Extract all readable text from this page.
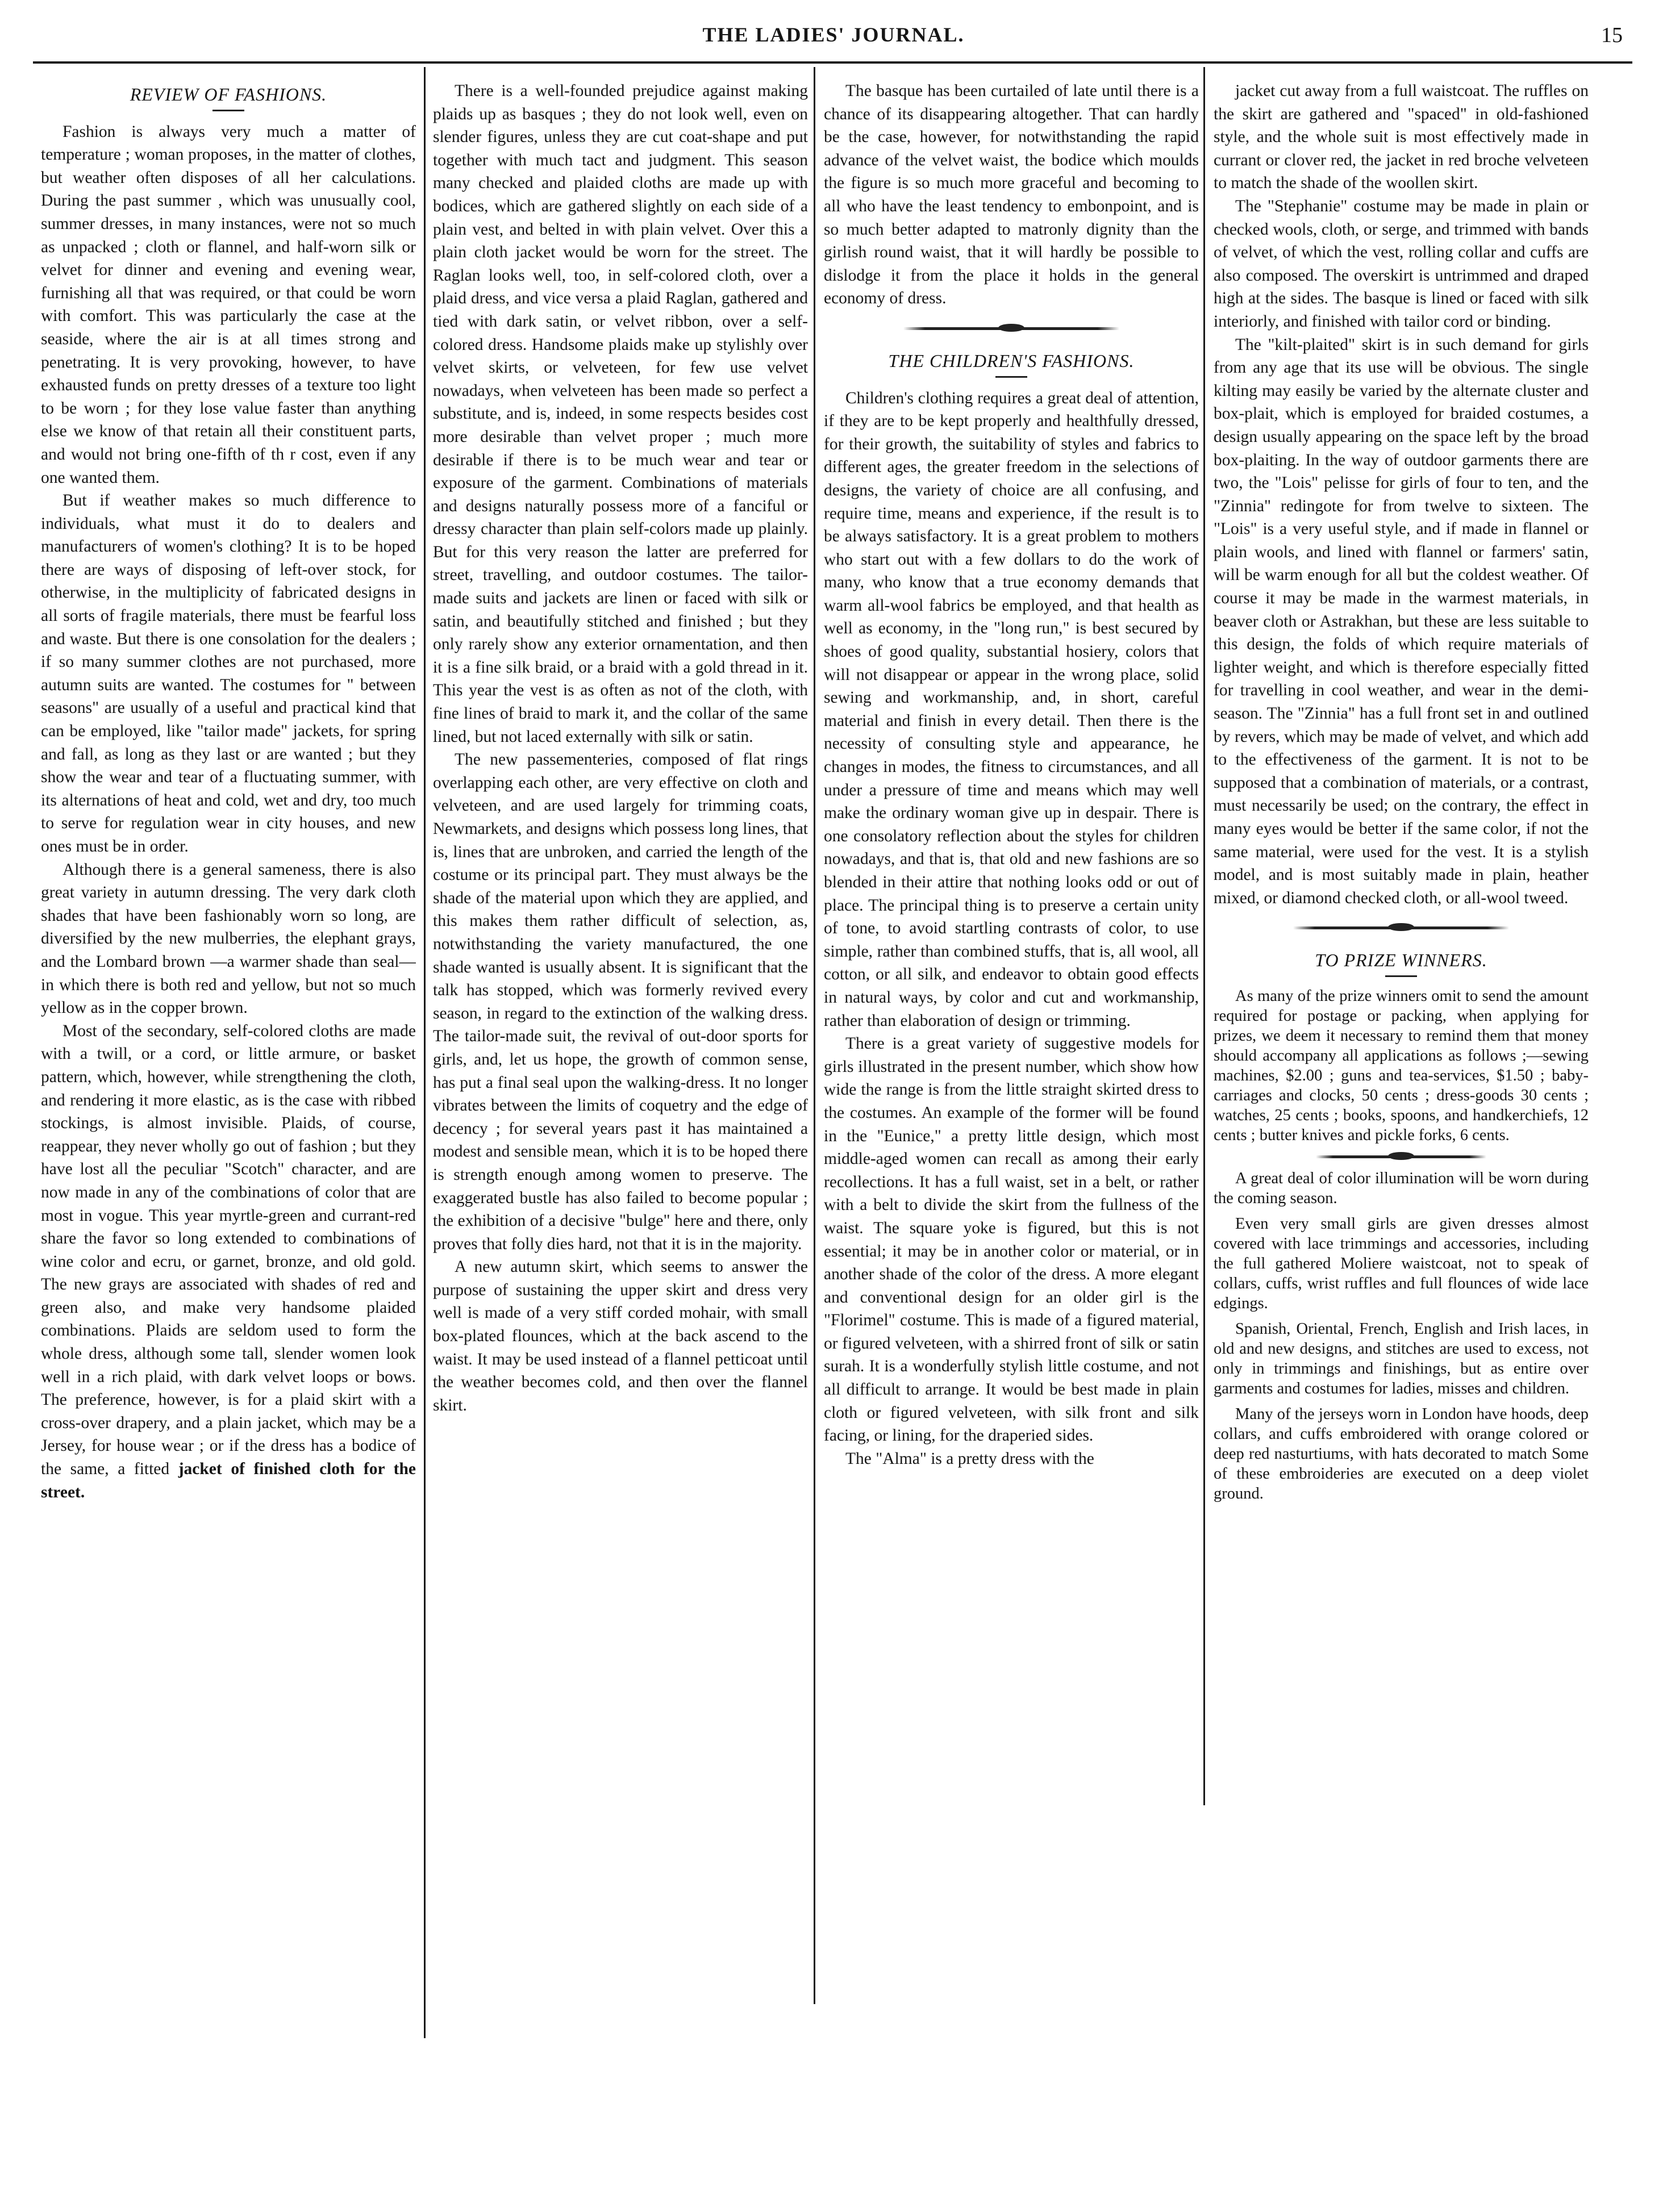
THE LADIES' JOURNAL.	15

REVIEW OF FASHIONS.

Fashion is always very much a matter of temperature ; woman proposes, in the matter of clothes, but weather often disposes of all her calculations. During the past summer , which was unusually cool, summer dresses, in many instances, were not so much as unpacked ; cloth or flannel, and half-worn silk or velvet for dinner and evening and evening wear, furnishing all that was required, or that could be worn with comfort. This was particularly the case at the seaside, where the air is at all times strong and penetrating. It is very provoking, however, to have exhausted funds on pretty dresses of a texture too light to be worn ; for they lose value faster than anything else we know of that retain all their constituent parts, and would not bring one-fifth of th r cost, even if any one wanted them.

But if weather makes so much difference to individuals, what must it do to dealers and manufacturers of women's clothing? It is to be hoped there are ways of disposing of left-over stock, for otherwise, in the multiplicity of fabricated designs in all sorts of fragile materials, there must be fearful loss and waste. But there is one consolation for the dealers ; if so many summer clothes are not purchased, more autumn suits are wanted. The costumes for " between seasons" are usually of a useful and practical kind that can be employed, like "tailor made" jackets, for spring and fall, as long as they last or are wanted ; but they show the wear and tear of a fluctuating summer, with its alternations of heat and cold, wet and dry, too much to serve for regulation wear in city houses, and new ones must be in order.

Although there is a general sameness, there is also great variety in autumn dressing. The very dark cloth shades that have been fashionably worn so long, are diversified by the new mulberries, the elephant grays, and the Lombard brown —a warmer shade than seal—in which there is both red and yellow, but not so much yellow as in the copper brown.

Most of the secondary, self-colored cloths are made with a twill, or a cord, or little armure, or basket pattern, which, however, while strengthening the cloth, and rendering it more elastic, as is the case with ribbed stockings, is almost invisible. Plaids, of course, reappear, they never wholly go out of fashion ; but they have lost all the peculiar "Scotch" character, and are now made in any of the combinations of color that are most in vogue. This year myrtle-green and currant-red share the favor so long extended to combinations of wine color and ecru, or garnet, bronze, and old gold. The new grays are associated with shades of red and green also, and make very handsome plaided combinations. Plaids are seldom used to form the whole dress, although some tall, slender women look well in a rich plaid, with dark velvet loops or bows. The preference, however, is for a plaid skirt with a cross-over drapery, and a plain jacket, which may be a Jersey, for house wear ; or if the dress has a bodice of the same, a fitted jacket of finished cloth for the street.

There is a well-founded prejudice against making plaids up as basques ; they do not look well, even on slender figures, unless they are cut coat-shape and put together with much tact and judgment. This season many checked and plaided cloths are made up with bodices, which are gathered slightly on each side of a plain vest, and belted in with plain velvet. Over this a plain cloth jacket would be worn for the street. The Raglan looks well, too, in self-colored cloth, over a plaid dress, and vice versa a plaid Raglan, gathered and tied with dark satin, or velvet ribbon, over a self-colored dress. Handsome plaids make up stylishly over velvet skirts, or velveteen, for few use velvet nowadays, when velveteen has been made so perfect a substitute, and is, indeed, in some respects besides cost more desirable than velvet proper ; much more desirable if there is to be much wear and tear or exposure of the garment. Combinations of materials and designs naturally possess more of a fanciful or dressy character than plain self-colors made up plainly. But for this very reason the latter are preferred for street, travelling, and outdoor costumes. The tailor-made suits and jackets are linen or faced with silk or satin, and beautifully stitched and finished ; but they only rarely show any exterior ornamentation, and then it is a fine silk braid, or a braid with a gold thread in it. This year the vest is as often as not of the cloth, with fine lines of braid to mark it, and the collar of the same lined, but not laced externally with silk or satin.

The new passementeries, composed of flat rings overlapping each other, are very effective on cloth and velveteen, and are used largely for trimming coats, Newmarkets, and designs which possess long lines, that is, lines that are unbroken, and carried the length of the costume or its principal part. They must always be the shade of the material upon which they are applied, and this makes them rather difficult of selection, as, notwithstanding the variety manufactured, the one shade wanted is usually absent. It is significant that the talk has stopped, which was formerly revived every season, in regard to the extinction of the walking dress. The tailor-made suit, the revival of out-door sports for girls, and, let us hope, the growth of common sense, has put a final seal upon the walking-dress. It no longer vibrates between the limits of coquetry and the edge of decency ; for several years past it has maintained a modest and sensible mean, which it is to be hoped there is strength enough among women to preserve. The exaggerated bustle has also failed to become popular ; the exhibition of a decisive "bulge" here and there, only proves that folly dies hard, not that it is in the majority.

A new autumn skirt, which seems to answer the purpose of sustaining the upper skirt and dress very well is made of a very stiff corded mohair, with small box-plated flounces, which at the back ascend to the waist. It may be used instead of a flannel petticoat until the weather becomes cold, and then over the flannel skirt.

The basque has been curtailed of late until there is a chance of its disappearing altogether. That can hardly be the case, however, for notwithstanding the rapid advance of the velvet waist, the bodice which moulds the figure is so much more graceful and becoming to all who have the least tendency to embonpoint, and is so much better adapted to matronly dignity than the girlish round waist, that it will hardly be possible to dislodge it from the place it holds in the general economy of dress.

THE CHILDREN'S FASHIONS.

Children's clothing requires a great deal of attention, if they are to be kept properly and healthfully dressed, for their growth, the suitability of styles and fabrics to different ages, the greater freedom in the selections of designs, the variety of choice are all confusing, and require time, means and experience, if the result is to be always satisfactory. It is a great problem to mothers who start out with a few dollars to do the work of many, who know that a true economy demands that warm all-wool fabrics be employed, and that health as well as economy, in the "long run," is best secured by shoes of good quality, substantial hosiery, colors that will not disappear or appear in the wrong place, solid sewing and workmanship, and, in short, careful material and finish in every detail. Then there is the necessity of consulting style and appearance, he changes in modes, the fitness to circumstances, and all under a pressure of time and means which may well make the ordinary woman give up in despair. There is one consolatory reflection about the styles for children nowadays, and that is, that old and new fashions are so blended in their attire that nothing looks odd or out of place. The principal thing is to preserve a certain unity of tone, to avoid startling contrasts of color, to use simple, rather than combined stuffs, that is, all wool, all cotton, or all silk, and endeavor to obtain good effects in natural ways, by color and cut and workmanship, rather than elaboration of design or trimming.

There is a great variety of suggestive models for girls illustrated in the present number, which show how wide the range is from the little straight skirted dress to the costumes. An example of the former will be found in the "Eunice," a pretty little design, which most middle-aged women can recall as among their early recollections. It has a full waist, set in a belt, or rather with a belt to divide the skirt from the fullness of the waist. The square yoke is figured, but this is not essential; it may be in another color or material, or in another shade of the color of the dress. A more elegant and conventional design for an older girl is the "Florimel" costume. This is made of a figured material, or figured velveteen, with a shirred front of silk or satin surah. It is a wonderfully stylish little costume, and not all difficult to arrange. It would be best made in plain cloth or figured velveteen, with silk front and silk facing, or lining, for the draperied sides.

The "Alma" is a pretty dress with the

jacket cut away from a full waistcoat. The ruffles on the skirt are gathered and "spaced" in old-fashioned style, and the whole suit is most effectively made in currant or clover red, the jacket in red broche velveteen to match the shade of the woollen skirt.

The "Stephanie" costume may be made in plain or checked wools, cloth, or serge, and trimmed with bands of velvet, of which the vest, rolling collar and cuffs are also composed. The overskirt is untrimmed and draped high at the sides. The basque is lined or faced with silk interiorly, and finished with tailor cord or binding.

The "kilt-plaited" skirt is in such demand for girls from any age that its use will be obvious. The single kilting may easily be varied by the alternate cluster and box-plait, which is employed for braided costumes, a design usually appearing on the space left by the broad box-plaiting. In the way of outdoor garments there are two, the "Lois" pelisse for girls of four to ten, and the "Zinnia" redingote for from twelve to sixteen. The "Lois" is a very useful style, and if made in flannel or plain wools, and lined with flannel or farmers' satin, will be warm enough for all but the coldest weather. Of course it may be made in the warmest materials, in beaver cloth or Astrakhan, but these are less suitable to this design, the folds of which require materials of lighter weight, and which is therefore especially fitted for travelling in cool weather, and wear in the demi-season. The "Zinnia" has a full front set in and outlined by revers, which may be made of velvet, and which add to the effectiveness of the garment. It is not to be supposed that a combination of materials, or a contrast, must necessarily be used; on the contrary, the effect in many eyes would be better if the same color, if not the same material, were used for the vest. It is a stylish model, and is most suitably made in plain, heather mixed, or diamond checked cloth, or all-wool tweed.

TO PRIZE WINNERS.

As many of the prize winners omit to send the amount required for postage or packing, when applying for prizes, we deem it necessary to remind them that money should accompany all applications as follows ;—sewing machines, $2.00 ; guns and tea-services, $1.50 ; baby-carriages and clocks, 50 cents ; dress-goods 30 cents ; watches, 25 cents ; books, spoons, and handkerchiefs, 12 cents ; butter knives and pickle forks, 6 cents.

A great deal of color illumination will be worn during the coming season.

Even very small girls are given dresses almost covered with lace trimmings and accessories, including the full gathered Moliere waistcoat, not to speak of collars, cuffs, wrist ruffles and full flounces of wide lace edgings.

Spanish, Oriental, French, English and Irish laces, in old and new designs, and stitches are used to excess, not only in trimmings and finishings, but as entire over garments and costumes for ladies, misses and children.

Many of the jerseys worn in London have hoods, deep collars, and cuffs embroidered with orange colored or deep red nasturtiums, with hats decorated to match Some of these embroideries are executed on a deep violet ground.
